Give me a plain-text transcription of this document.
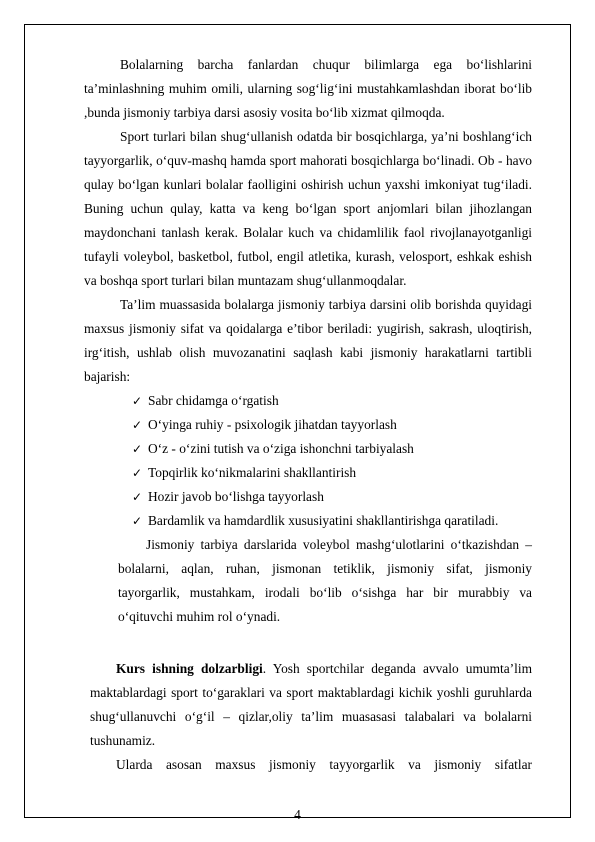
Bolalarning barcha fanlardan chuqur bilimlarga ega bo‘lishlarini ta’minlashning muhim omili, ularning sog‘lig‘ini mustahkamlashdan iborat bo‘lib ,bunda jismoniy tarbiya darsi asosiy vosita bo‘lib xizmat qilmoqda.

Sport turlari bilan shug‘ullanish odatda bir bosqichlarga, ya’ni boshlang‘ich tayyorgarlik, o‘quv-mashq hamda sport mahorati bosqichlarga bo‘linadi. Ob - havo qulay bo‘lgan kunlari bolalar faolligini oshirish uchun yaxshi imkoniyat tug‘iladi. Buning uchun qulay, katta va keng bo‘lgan sport anjomlari bilan jihozlangan maydonchani tanlash kerak. Bolalar kuch va chidamlilik faol rivojlanayotganligi tufayli voleybol, basketbol, futbol, engil atletika, kurash, velosport, eshkak eshish va boshqa sport turlari bilan muntazam shug‘ullanmoqdalar.

Ta’lim muassasida bolalarga jismoniy tarbiya darsini olib borishda quyidagi maxsus jismoniy sifat va qoidalarga e’tibor beriladi: yugirish, sakrash, uloqtirish, irg‘itish, ushlab olish muvozanatini saqlash kabi jismoniy harakatlarni tartibli bajarish:

✓ Sabr chidamga o‘rgatish
✓ O‘yinga ruhiy - psixologik jihatdan tayyorlash
✓ O‘z - o‘zini tutish va o‘ziga ishonchni tarbiyalash
✓ Topqirlik ko‘nikmalarini shakllantirish
✓ Hozir javob bo‘lishga tayyorlash
✓ Bardamlik va hamdardlik xususiyatini shakllantirishga qaratiladi.

Jismoniy tarbiya darslarida voleybol mashg‘ulotlarini o‘tkazishdan – bolalarni, aqlan, ruhan, jismonan tetiklik, jismoniy sifat, jismoniy tayorgarlik, mustahkam, irodali bo‘lib o‘sishga har bir murabbiy va o‘qituvchi muhim rol o‘ynadi.

Kurs ishning dolzarbligi. Yosh sportchilar deganda avvalo umumta’lim maktablardagi sport to‘garaklari va sport maktablardagi kichik yoshli guruhlarda shug‘ullanuvchi o‘g‘il – qizlar,oliy ta’lim muasasasi talabalari va bolalarni tushunamiz.

Ularda asosan maxsus jismoniy tayyorgarlik va jismoniy sifatlar

4
